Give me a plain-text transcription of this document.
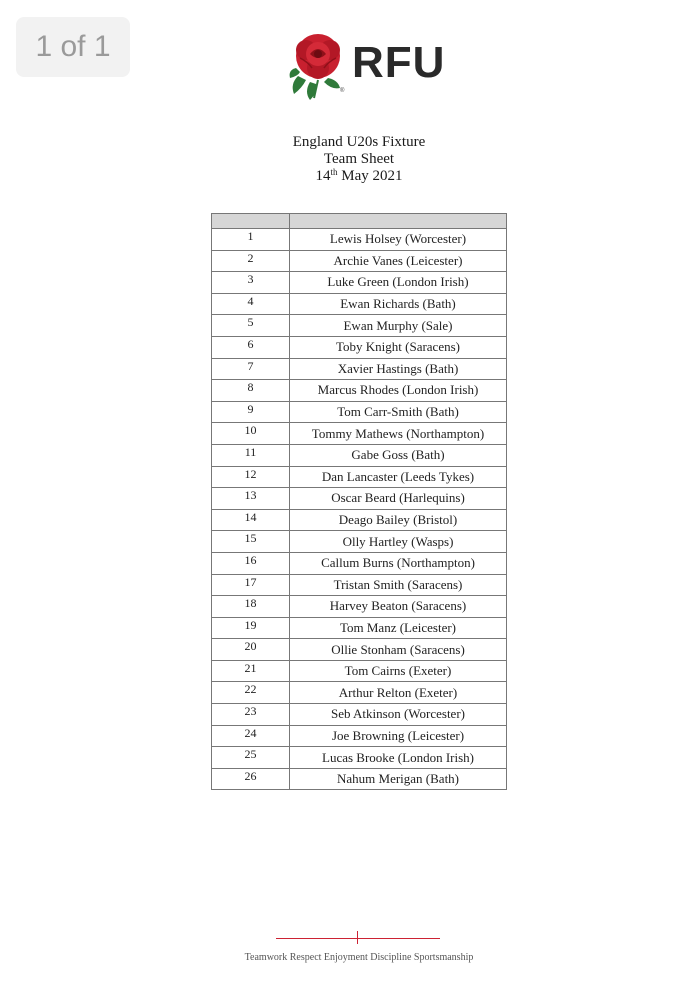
1 of 1	RFU
®
England U20s Fixture
Team Sheet
14th May 2021

1	Lewis Holsey (Worcester)
2	Archie Vanes (Leicester)
3	Luke Green (London Irish)
4	Ewan Richards (Bath)
5	Ewan Murphy (Sale)
6	Toby Knight (Saracens)
7	Xavier Hastings (Bath)
8	Marcus Rhodes (London Irish)
9	Tom Carr-Smith (Bath)
10	Tommy Mathews (Northampton)
11	Gabe Goss (Bath)
12	Dan Lancaster (Leeds Tykes)
13	Oscar Beard (Harlequins)
14	Deago Bailey (Bristol)
15	Olly Hartley (Wasps)
16	Callum Burns (Northampton)
17	Tristan Smith (Saracens)
18	Harvey Beaton (Saracens)
19	Tom Manz (Leicester)
20	Ollie Stonham (Saracens)
21	Tom Cairns (Exeter)
22	Arthur Relton (Exeter)
23	Seb Atkinson (Worcester)
24	Joe Browning (Leicester)
25	Lucas Brooke (London Irish)
26	Nahum Merigan (Bath)
Teamwork Respect Enjoyment Discipline Sportsmanship
